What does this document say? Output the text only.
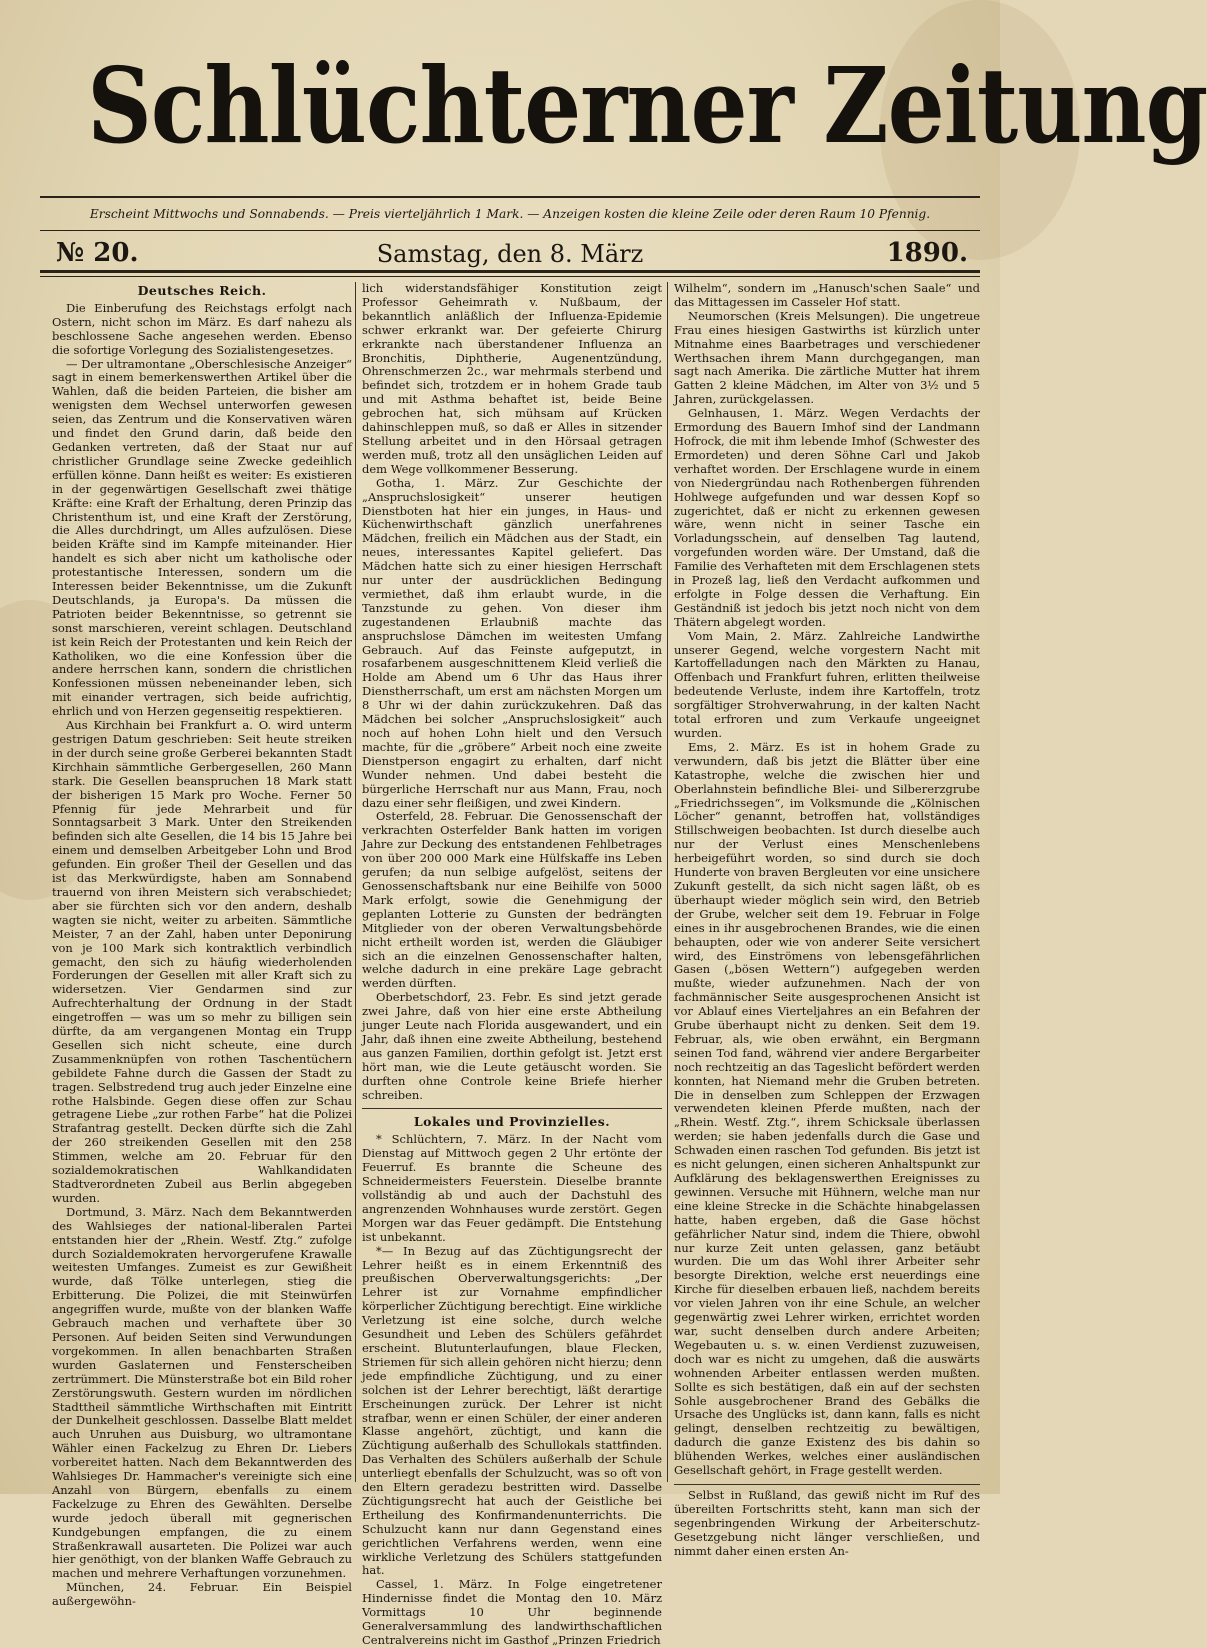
Schlüchterner Zeitung
Erscheint Mittwochs und Sonnabends. — Preis vierteljährlich 1 Mark. — Anzeigen kosten die kleine Zeile oder deren Raum 10 Pfennig.
№ 20.	Samstag, den 8. März	1890.
Deutsches Reich.

Die Einberufung des Reichstags erfolgt nach Ostern, nicht schon im März. Es darf nahezu als beschlossene Sache angesehen werden. Ebenso die sofortige Vorlegung des Sozialistengesetzes.

— Der ultramontane „Oberschlesische Anzeiger“ sagt in einem bemerkenswerthen Artikel über die Wahlen, daß die beiden Parteien, die bisher am wenigsten dem Wechsel unterworfen gewesen seien, das Zentrum und die Konservativen wären und findet den Grund darin, daß beide den Gedanken vertreten, daß der Staat nur auf christlicher Grundlage seine Zwecke gedeihlich erfüllen könne. Dann heißt es weiter: Es existieren in der gegenwärtigen Gesellschaft zwei thätige Kräfte: eine Kraft der Erhaltung, deren Prinzip das Christenthum ist, und eine Kraft der Zerstörung, die Alles durchdringt, um Alles aufzulösen. Diese beiden Kräfte sind im Kampfe miteinander. Hier handelt es sich aber nicht um katholische oder protestantische Interessen, sondern um die Interessen beider Bekenntnisse, um die Zukunft Deutschlands, ja Europa's. Da müssen die Patrioten beider Bekenntnisse, so getrennt sie sonst marschieren, vereint schlagen. Deutschland ist kein Reich der Protestanten und kein Reich der Katholiken, wo die eine Konfession über die andere herrschen kann, sondern die christlichen Konfessionen müssen nebeneinander leben, sich mit einander vertragen, sich beide aufrichtig, ehrlich und von Herzen gegenseitig respektieren.

Aus Kirchhain bei Frankfurt a. O. wird unterm gestrigen Datum geschrieben: Seit heute streiken in der durch seine große Gerberei bekannten Stadt Kirchhain sämmtliche Gerbergesellen, 260 Mann stark. Die Gesellen beanspruchen 18 Mark statt der bisherigen 15 Mark pro Woche. Ferner 50 Pfennig für jede Mehrarbeit und für Sonntagsarbeit 3 Mark. Unter den Streikenden befinden sich alte Gesellen, die 14 bis 15 Jahre bei einem und demselben Arbeitgeber Lohn und Brod gefunden. Ein großer Theil der Gesellen und das ist das Merkwürdigste, haben am Sonnabend trauernd von ihren Meistern sich verabschiedet; aber sie fürchten sich vor den andern, deshalb wagten sie nicht, weiter zu arbeiten. Sämmtliche Meister, 7 an der Zahl, haben unter Deponirung von je 100 Mark sich kontraktlich verbindlich gemacht, den sich zu häufig wiederholenden Forderungen der Gesellen mit aller Kraft sich zu widersetzen. Vier Gendarmen sind zur Aufrechterhaltung der Ordnung in der Stadt eingetroffen — was um so mehr zu billigen sein dürfte, da am vergangenen Montag ein Trupp Gesellen sich nicht scheute, eine durch Zusammenknüpfen von rothen Taschentüchern gebildete Fahne durch die Gassen der Stadt zu tragen. Selbstredend trug auch jeder Einzelne eine rothe Halsbinde. Gegen diese offen zur Schau getragene Liebe „zur rothen Farbe“ hat die Polizei Strafantrag gestellt. Decken dürfte sich die Zahl der 260 streikenden Gesellen mit den 258 Stimmen, welche am 20. Februar für den sozialdemokratischen Wahlkandidaten Stadtverordneten Zubeil aus Berlin abgegeben wurden.

Dortmund, 3. März. Nach dem Bekanntwerden des Wahlsieges der national-liberalen Partei entstanden hier der „Rhein. Westf. Ztg.“ zufolge durch Sozialdemokraten hervorgerufene Krawalle weitesten Umfanges. Zumeist es zur Gewißheit wurde, daß Tölke unterlegen, stieg die Erbitterung. Die Polizei, die mit Steinwürfen angegriffen wurde, mußte von der blanken Waffe Gebrauch machen und verhaftete über 30 Personen. Auf beiden Seiten sind Verwundungen vorgekommen. In allen benachbarten Straßen wurden Gaslaternen und Fensterscheiben zertrümmert. Die Münsterstraße bot ein Bild roher Zerstörungswuth. Gestern wurden im nördlichen Stadttheil sämmtliche Wirthschaften mit Eintritt der Dunkelheit geschlossen. Dasselbe Blatt meldet auch Unruhen aus Duisburg, wo ultramontane Wähler einen Fackelzug zu Ehren Dr. Liebers vorbereitet hatten. Nach dem Bekanntwerden des Wahlsieges Dr. Hammacher's vereinigte sich eine Anzahl von Bürgern, ebenfalls zu einem Fackelzuge zu Ehren des Gewählten. Derselbe wurde jedoch überall mit gegnerischen Kundgebungen empfangen, die zu einem Straßenkrawall ausarteten. Die Polizei war auch hier genöthigt, von der blanken Waffe Gebrauch zu machen und mehrere Verhaftungen vorzunehmen.

München, 24. Februar. Ein Beispiel außergewöhn-

lich widerstandsfähiger Konstitution zeigt Professor Geheimrath v. Nußbaum, der bekanntlich anläßlich der Influenza-Epidemie schwer erkrankt war. Der gefeierte Chirurg erkrankte nach überstandener Influenza an Bronchitis, Diphtherie, Augenentzündung, Ohrenschmerzen 2c., war mehrmals sterbend und befindet sich, trotzdem er in hohem Grade taub und mit Asthma behaftet ist, beide Beine gebrochen hat, sich mühsam auf Krücken dahinschleppen muß, so daß er Alles in sitzender Stellung arbeitet und in den Hörsaal getragen werden muß, trotz all den unsäglichen Leiden auf dem Wege vollkommener Besserung.

Gotha, 1. März. Zur Geschichte der „Anspruchslosigkeit“ unserer heutigen Dienstboten hat hier ein junges, in Haus- und Küchenwirthschaft gänzlich unerfahrenes Mädchen, freilich ein Mädchen aus der Stadt, ein neues, interessantes Kapitel geliefert. Das Mädchen hatte sich zu einer hiesigen Herrschaft nur unter der ausdrücklichen Bedingung vermiethet, daß ihm erlaubt wurde, in die Tanzstunde zu gehen. Von dieser ihm zugestandenen Erlaubniß machte das anspruchslose Dämchen im weitesten Umfang Gebrauch. Auf das Feinste aufgeputzt, in rosafarbenem ausgeschnittenem Kleid verließ die Holde am Abend um 6 Uhr das Haus ihrer Dienstherrschaft, um erst am nächsten Morgen um 8 Uhr wi der dahin zurückzukehren. Daß das Mädchen bei solcher „Anspruchslosigkeit“ auch noch auf hohen Lohn hielt und den Versuch machte, für die „gröbere“ Arbeit noch eine zweite Dienstperson engagirt zu erhalten, darf nicht Wunder nehmen. Und dabei besteht die bürgerliche Herrschaft nur aus Mann, Frau, noch dazu einer sehr fleißigen, und zwei Kindern.

Osterfeld, 28. Februar. Die Genossenschaft der verkrachten Osterfelder Bank hatten im vorigen Jahre zur Deckung des entstandenen Fehlbetrages von über 200 000 Mark eine Hülfskaffe ins Leben gerufen; da nun selbige aufgelöst, seitens der Genossenschaftsbank nur eine Beihilfe von 5000 Mark erfolgt, sowie die Genehmigung der geplanten Lotterie zu Gunsten der bedrängten Mitglieder von der oberen Verwaltungsbehörde nicht ertheilt worden ist, werden die Gläubiger sich an die einzelnen Genossenschafter halten, welche dadurch in eine prekäre Lage gebracht werden dürften.

Oberbetschdorf, 23. Febr. Es sind jetzt gerade zwei Jahre, daß von hier eine erste Abtheilung junger Leute nach Florida ausgewandert, und ein Jahr, daß ihnen eine zweite Abtheilung, bestehend aus ganzen Familien, dorthin gefolgt ist. Jetzt erst hört man, wie die Leute getäuscht worden. Sie durften ohne Controle keine Briefe hierher schreiben.

Lokales und Provinzielles.

* Schlüchtern, 7. März. In der Nacht vom Dienstag auf Mittwoch gegen 2 Uhr ertönte der Feuerruf. Es brannte die Scheune des Schneidermeisters Feuerstein. Dieselbe brannte vollständig ab und auch der Dachstuhl des angrenzenden Wohnhauses wurde zerstört. Gegen Morgen war das Feuer gedämpft. Die Entstehung ist unbekannt.

*— In Bezug auf das Züchtigungsrecht der Lehrer heißt es in einem Erkenntniß des preußischen Oberverwaltungsgerichts: „Der Lehrer ist zur Vornahme empfindlicher körperlicher Züchtigung berechtigt. Eine wirkliche Verletzung ist eine solche, durch welche Gesundheit und Leben des Schülers gefährdet erscheint. Blutunterlaufungen, blaue Flecken, Striemen für sich allein gehören nicht hierzu; denn jede empfindliche Züchtigung, und zu einer solchen ist der Lehrer berechtigt, läßt derartige Erscheinungen zurück. Der Lehrer ist nicht strafbar, wenn er einen Schüler, der einer anderen Klasse angehört, züchtigt, und kann die Züchtigung außerhalb des Schullokals stattfinden. Das Verhalten des Schülers außerhalb der Schule unterliegt ebenfalls der Schulzucht, was so oft von den Eltern geradezu bestritten wird. Dasselbe Züchtigungsrecht hat auch der Geistliche bei Ertheilung des Konfirmandenunterrichts. Die Schulzucht kann nur dann Gegenstand eines gerichtlichen Verfahrens werden, wenn eine wirkliche Verletzung des Schülers stattgefunden hat.

Cassel, 1. März. In Folge eingetretener Hindernisse findet die Montag den 10. März Vormittags 10 Uhr beginnende Generalversammlung des landwirthschaftlichen Centralvereins nicht im Gasthof „Prinzen Friedrich

Wilhelm“, sondern im „Hanusch'schen Saale“ und das Mittagessen im Casseler Hof statt.

Neumorschen (Kreis Melsungen). Die ungetreue Frau eines hiesigen Gastwirths ist kürzlich unter Mitnahme eines Baarbetrages und verschiedener Werthsachen ihrem Mann durchgegangen, man sagt nach Amerika. Die zärtliche Mutter hat ihrem Gatten 2 kleine Mädchen, im Alter von 3½ und 5 Jahren, zurückgelassen.

Gelnhausen, 1. März. Wegen Verdachts der Ermordung des Bauern Imhof sind der Landmann Hofrock, die mit ihm lebende Imhof (Schwester des Ermordeten) und deren Söhne Carl und Jakob verhaftet worden. Der Erschlagene wurde in einem von Niedergründau nach Rothenbergen führenden Hohlwege aufgefunden und war dessen Kopf so zugerichtet, daß er nicht zu erkennen gewesen wäre, wenn nicht in seiner Tasche ein Vorladungsschein, auf denselben Tag lautend, vorgefunden worden wäre. Der Umstand, daß die Familie des Verhafteten mit dem Erschlagenen stets in Prozeß lag, ließ den Verdacht aufkommen und erfolgte in Folge dessen die Verhaftung. Ein Geständniß ist jedoch bis jetzt noch nicht von dem Thätern abgelegt worden.

Vom Main, 2. März. Zahlreiche Landwirthe unserer Gegend, welche vorgestern Nacht mit Kartoffelladungen nach den Märkten zu Hanau, Offenbach und Frankfurt fuhren, erlitten theilweise bedeutende Verluste, indem ihre Kartoffeln, trotz sorgfältiger Strohverwahrung, in der kalten Nacht total erfroren und zum Verkaufe ungeeignet wurden.

Ems, 2. März. Es ist in hohem Grade zu verwundern, daß bis jetzt die Blätter über eine Katastrophe, welche die zwischen hier und Oberlahnstein befindliche Blei- und Silbererzgrube „Friedrichssegen“, im Volksmunde die „Kölnischen Löcher“ genannt, betroffen hat, vollständiges Stillschweigen beobachten. Ist durch dieselbe auch nur der Verlust eines Menschenlebens herbeigeführt worden, so sind durch sie doch Hunderte von braven Bergleuten vor eine unsichere Zukunft gestellt, da sich nicht sagen läßt, ob es überhaupt wieder möglich sein wird, den Betrieb der Grube, welcher seit dem 19. Februar in Folge eines in ihr ausgebrochenen Brandes, wie die einen behaupten, oder wie von anderer Seite versichert wird, des Einströmens von lebensgefährlichen Gasen („bösen Wettern“) aufgegeben werden mußte, wieder aufzunehmen. Nach der von fachmännischer Seite ausgesprochenen Ansicht ist vor Ablauf eines Vierteljahres an ein Befahren der Grube überhaupt nicht zu denken. Seit dem 19. Februar, als, wie oben erwähnt, ein Bergmann seinen Tod fand, während vier andere Bergarbeiter noch rechtzeitig an das Tageslicht befördert werden konnten, hat Niemand mehr die Gruben betreten. Die in denselben zum Schleppen der Erzwagen verwendeten kleinen Pferde mußten, nach der „Rhein. Westf. Ztg.“, ihrem Schicksale überlassen werden; sie haben jedenfalls durch die Gase und Schwaden einen raschen Tod gefunden. Bis jetzt ist es nicht gelungen, einen sicheren Anhaltspunkt zur Aufklärung des beklagenswerthen Ereignisses zu gewinnen. Versuche mit Hühnern, welche man nur eine kleine Strecke in die Schächte hinabgelassen hatte, haben ergeben, daß die Gase höchst gefährlicher Natur sind, indem die Thiere, obwohl nur kurze Zeit unten gelassen, ganz betäubt wurden. Die um das Wohl ihrer Arbeiter sehr besorgte Direktion, welche erst neuerdings eine Kirche für dieselben erbauen ließ, nachdem bereits vor vielen Jahren von ihr eine Schule, an welcher gegenwärtig zwei Lehrer wirken, errichtet worden war, sucht denselben durch andere Arbeiten; Wegebauten u. s. w. einen Verdienst zuzuweisen, doch war es nicht zu umgehen, daß die auswärts wohnenden Arbeiter entlassen werden mußten. Sollte es sich bestätigen, daß ein auf der sechsten Sohle ausgebrochener Brand des Gebälks die Ursache des Unglücks ist, dann kann, falls es nicht gelingt, denselben rechtzeitig zu bewältigen, dadurch die ganze Existenz des bis dahin so blühenden Werkes, welches einer ausländischen Gesellschaft gehört, in Frage gestellt werden.

Selbst in Rußland, das gewiß nicht im Ruf des übereilten Fortschritts steht, kann man sich der segenbringenden Wirkung der Arbeiterschutz-Gesetzgebung nicht länger verschließen, und nimmt daher einen ersten An-
